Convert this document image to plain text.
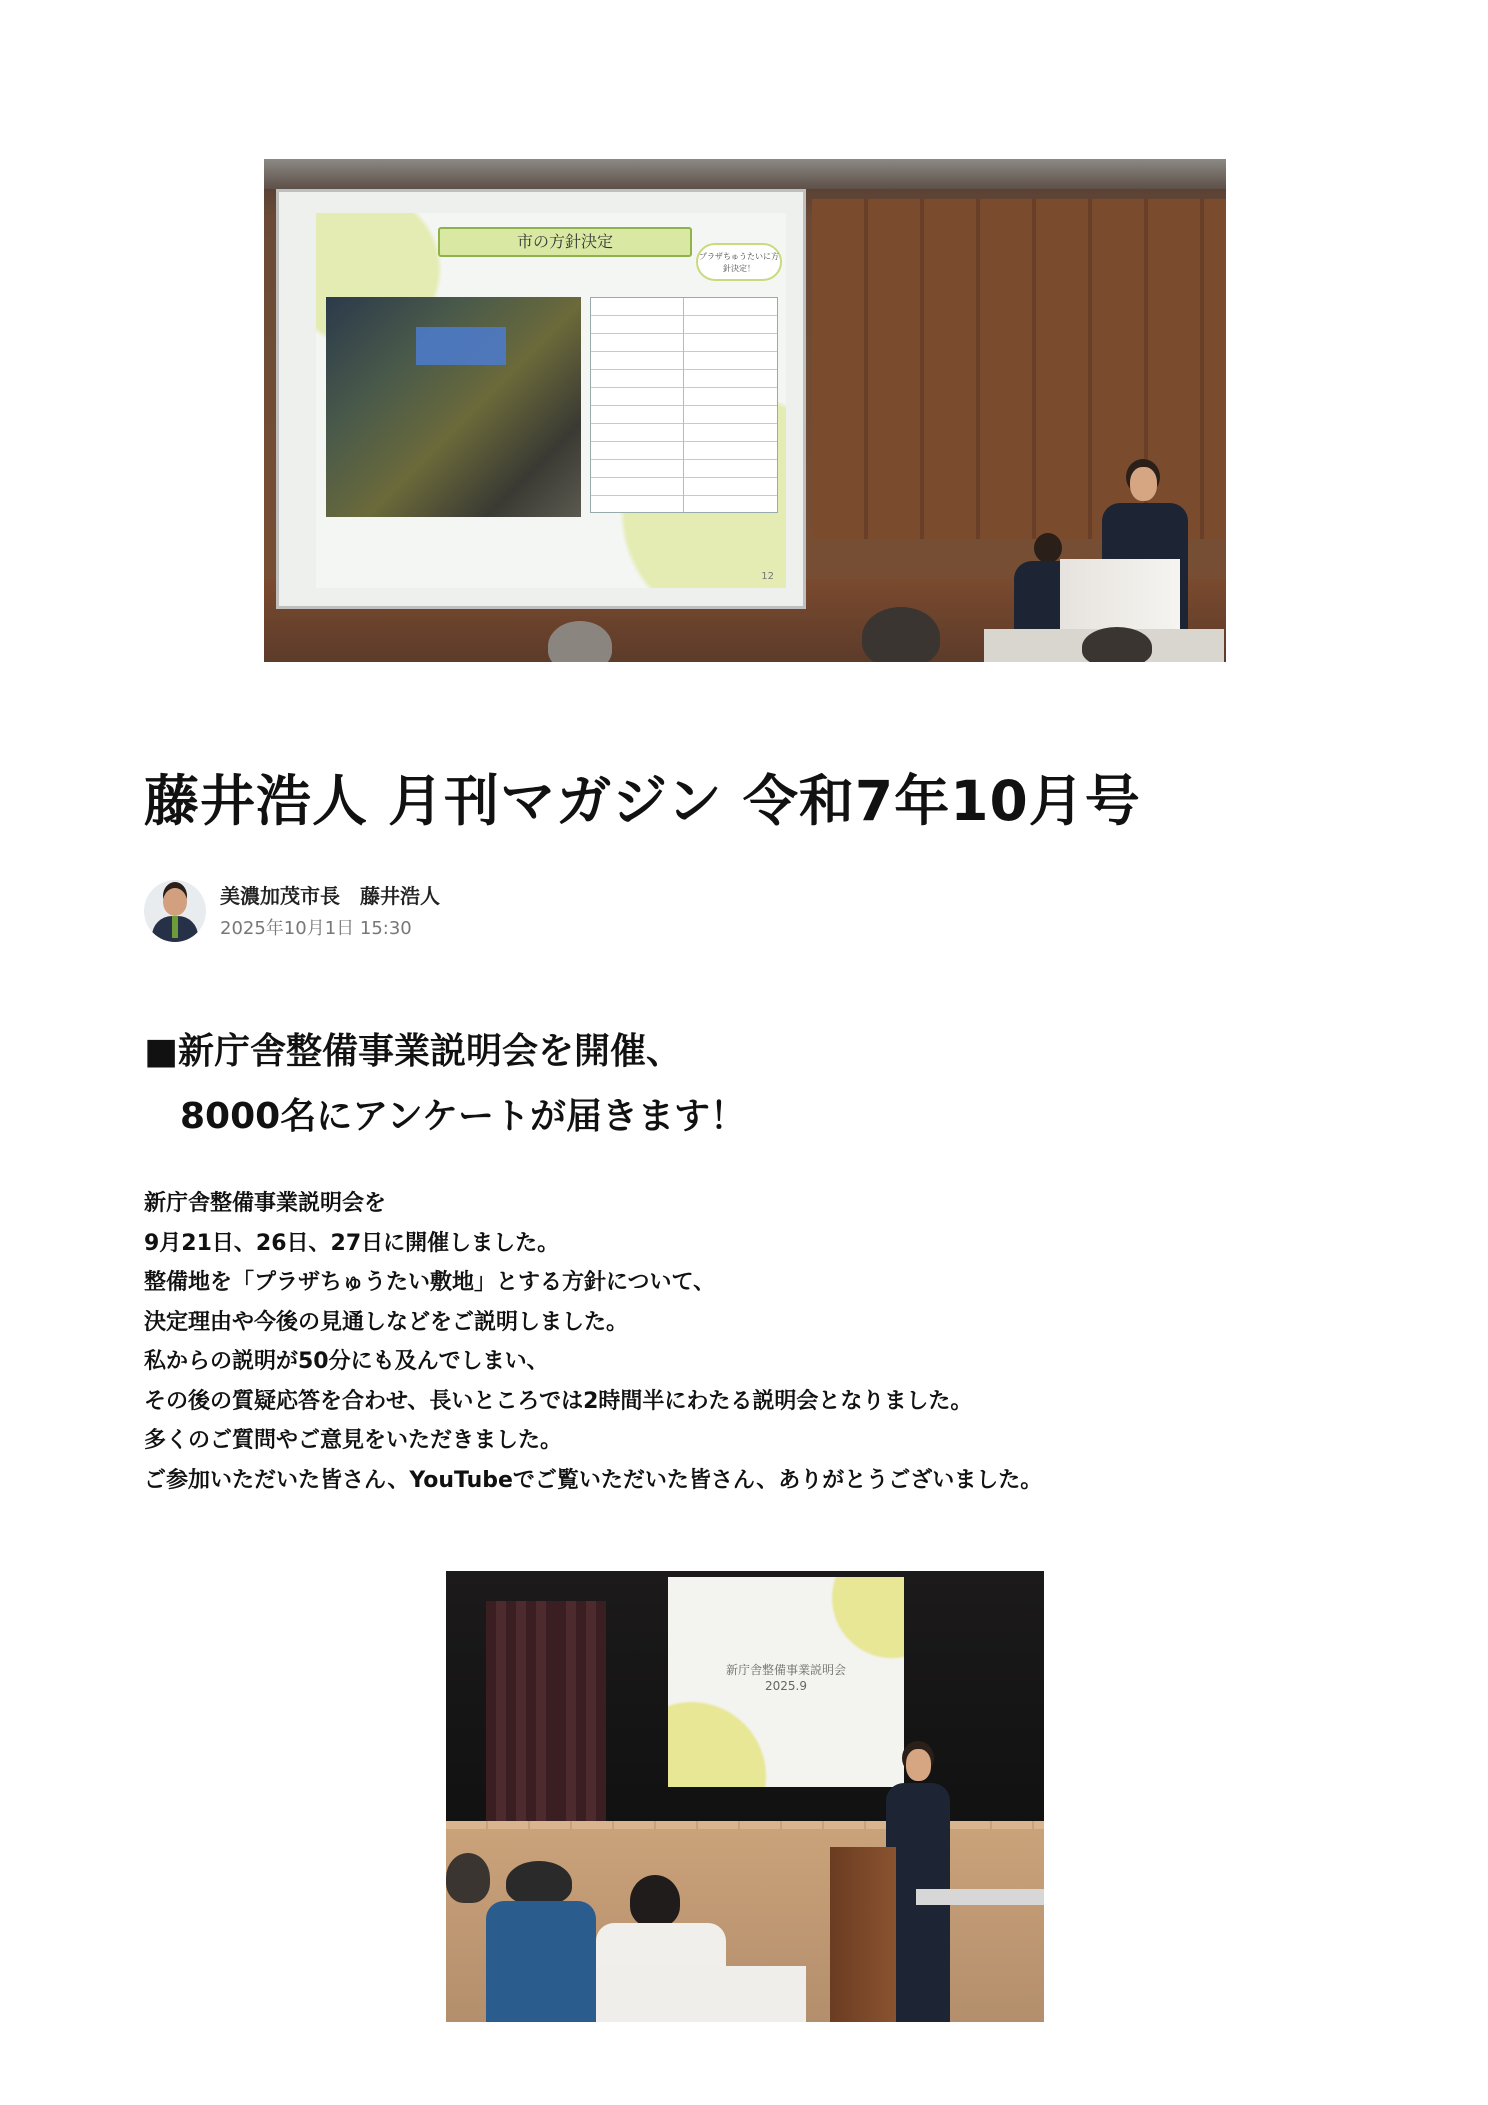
市の方針決定
プラザちゅうたいに方針決定！
12
藤井浩人 月刊マガジン 令和7年10月号
美濃加茂市長　藤井浩人
2025年10月1日 15:30
■新庁舎整備事業説明会を開催、
8000名にアンケートが届きます！
新庁舎整備事業説明会を
9月21日、26日、27日に開催しました。
整備地を「プラザちゅうたい敷地」とする方針について、
決定理由や今後の見通しなどをご説明しました。
私からの説明が50分にも及んでしまい、
その後の質疑応答を合わせ、長いところでは2時間半にわたる説明会となりました。
多くのご質問やご意見をいただきました。
ご参加いただいた皆さん、YouTubeでご覧いただいた皆さん、ありがとうございました。
新庁舎整備事業説明会
2025.9
